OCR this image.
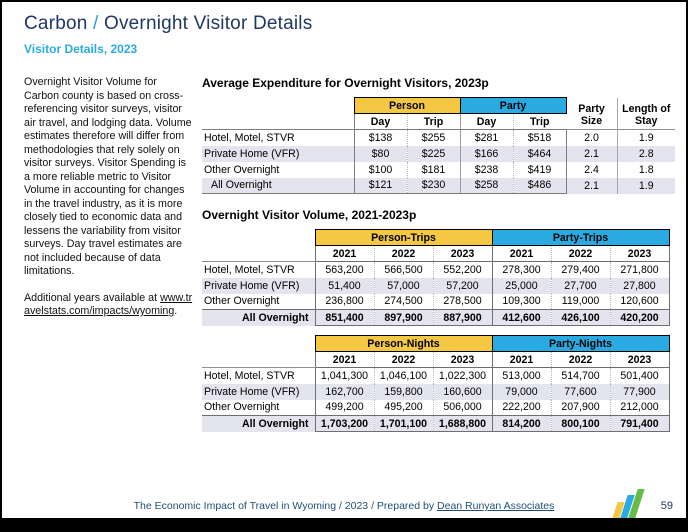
Carbon / Overnight Visitor Details
Visitor Details, 2023

Overnight Visitor Volume for Carbon county is based on cross-referencing visitor surveys, visitor air travel, and lodging data. Volume estimates therefore will differ from methodologies that rely solely on visitor surveys. Visitor Spending is a more reliable metric to Visitor Volume in accounting for changes in the travel industry, as it is more closely tied to economic data and lessens the variability from visitor surveys. Day travel estimates are not included because of data limitations.

Additional years available at www.travelstats.com/impacts/wyoming.

Average Expenditure for Overnight Visitors, 2023p
	Person		Party		Party Size	Length of Stay
	Day	Trip	Day	Trip		
Hotel, Motel, STVR	$138	$255	$281	$518	2.0	1.9
Private Home (VFR)	$80	$225	$166	$464	2.1	2.8
Other Overnight	$100	$181	$238	$419	2.4	1.8
All Overnight	$121	$230	$258	$486	2.1	1.9
Overnight Visitor Volume, 2021-2023p
	Person-Trips			Party-Trips		
	2021	2022	2023	2021	2022	2023
Hotel, Motel, STVR	563,200	566,500	552,200	278,300	279,400	271,800
Private Home (VFR)	51,400	57,000	57,200	25,000	27,700	27,800
Other Overnight	236,800	274,500	278,500	109,300	119,000	120,600
All Overnight	851,400	897,900	887,900	412,600	426,100	420,200
	Person-Nights			Party-Nights		
	2021	2022	2023	2021	2022	2023
Hotel, Motel, STVR	1,041,300	1,046,100	1,022,300	513,000	514,700	501,400
Private Home (VFR)	162,700	159,800	160,600	79,000	77,600	77,900
Other Overnight	499,200	495,200	506,000	222,200	207,900	212,000
All Overnight	1,703,200	1,701,100	1,688,800	814,200	800,100	791,400
The Economic Impact of Travel in Wyoming / 2023 / Prepared by Dean Runyan Associates	59
